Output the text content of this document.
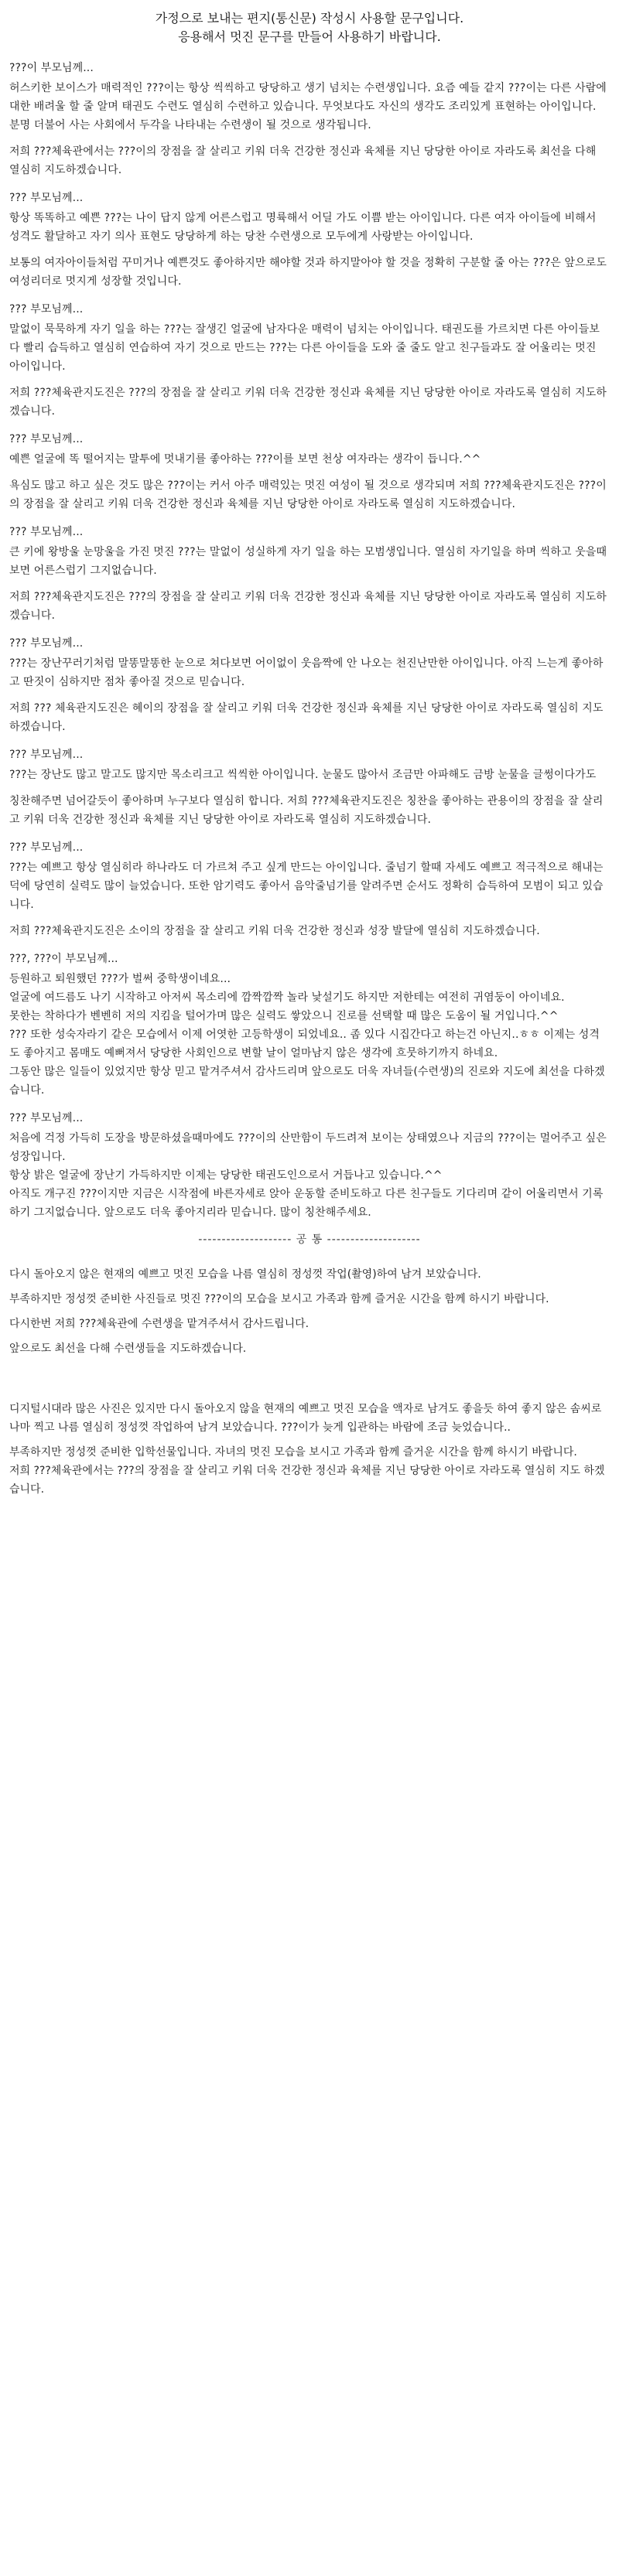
가정으로 보내는 편지(통신문) 작성시 사용할 문구입니다.

응용해서 멋진 문구를 만들어 사용하기 바랍니다.

???이 부모님께...

허스키한 보이스가 매력적인 ???이는 항상 씩씩하고 당당하고 생기 넘치는 수련생입니다. 요즘 예들 같지 ???이는 다른 사람에 대한 배려울 할 줄 알며 태권도 수련도 열심히 수련하고 있습니다. 무엇보다도 자신의 생각도 조리있게 표현하는 아이입니다. 분명 더불어 사는 사회에서 두각을 나타내는 수련생이 될 것으로 생각됩니다.

저희 ???체육관에서는 ???이의 장점을 잘 살리고 키워 더욱 건강한 정신과 육체를 지닌 당당한 아이로 자라도록 최선을 다해 열심히 지도하겠습니다.

??? 부모님께...

항상 똑똑하고 예쁜 ???는 나이 답지 않게 어른스럽고 명륙해서 어딜 가도 이쁨 받는 아이입니다. 다른 여자 아이들에 비해서 성격도 활달하고 자기 의사 표현도 당당하게 하는 당찬 수련생으로 모두에게 사랑받는 아이입니다.

보통의 여자아이들처럼 꾸미거나 예쁜것도 좋아하지만 해야할 것과 하지말아야 할 것을 정확히 구분할 줄 아는 ???은 앞으로도 여성리더로 멋지게 성장할 것입니다.

??? 부모님께...

말없이 묵묵하게 자기 일을 하는 ???는 잘생긴 얼굴에 남자다운 매력이 넘치는 아이입니다. 태권도를 가르치면 다른 아이들보다 빨리 습득하고 열심히 연습하여 자기 것으로 만드는 ???는 다른 아이들을 도와 줄 줄도 알고 친구들과도 잘 어울리는 멋진 아이입니다.

저희 ???체육관지도진은 ???의 장점을 잘 살리고 키워 더욱 건강한 정신과 육체를 지닌 당당한 아이로 자라도록 열심히 지도하겠습니다.

??? 부모님께...

예쁜 얼굴에 똑 떨어지는 말투에 멋내기를 좋아하는 ???이를 보면 천상 여자라는 생각이 듭니다.^^

욕심도 많고 하고 싶은 것도 많은 ???이는 커서 아주 매력있는 멋진 여성이 될 것으로 생각되며 저희 ???체육관지도진은 ???이의 장점을 잘 살리고 키워 더욱 건강한 정신과 육체를 지닌 당당한 아이로 자라도록 열심히 지도하겠습니다.

??? 부모님께...

큰 키에 왕방울 눈망울을 가진 멋진 ???는 말없이 성실하게 자기 일을 하는 모범생입니다. 열심히 자기일을 하며 씩하고 웃을때 보면 어른스럽기 그지없습니다.

저희 ???체육관지도진은 ???의 장점을 잘 살리고 키워 더욱 건강한 정신과 육체를 지닌 당당한 아이로 자라도록 열심히 지도하겠습니다.

??? 부모님께...

???는 장난꾸러기처럼 말똥말똥한 눈으로 쳐다보면 어이없이 웃음짝에 안 나오는 천진난만한 아이입니다. 아직 느는게 좋아하고 딴짓이 심하지만 점차 좋아질 것으로 믿습니다.

저희 ??? 체육관지도진은 혜이의 장점을 잘 살리고 키워 더욱 건강한 정신과 육체를 지닌 당당한 아이로 자라도록 열심히 지도하겠습니다.

??? 부모님께...

???는 장난도 많고 말고도 많지만 목소리크고 씩씩한 아이입니다. 눈물도 많아서 조금만 아파해도 금방 눈물을 글썽이다가도

칭찬해주면 넘어갈듯이 좋아하며 누구보다 열심히 합니다. 저희 ???체육관지도진은 칭찬을 좋아하는 관용이의 장점을 잘 살리고 키워 더욱 건강한 정신과 육체를 지닌 당당한 아이로 자라도록 열심히 지도하겠습니다.

??? 부모님께...

???는 예쁘고 항상 열심히라 하나라도 더 가르쳐 주고 싶게 만드는 아이입니다. 줄넘기 할때 자세도 예쁘고 적극적으로 해내는 덕에 당연히 실력도 많이 늘었습니다. 또한 암기력도 좋아서 음악줄넘기를 알려주면 순서도 정확히 습득하여 모범이 되고 있습니다.

저희 ???체육관지도진은 소이의 장점을 잘 살리고 키워 더욱 건강한 정신과 성장 발달에 열심히 지도하겠습니다.

???, ???이 부모님께...

등원하고 퇴원했던 ???가 벌써 중학생이네요...
얼굴에 여드름도 나기 시작하고 아저씨 목소리에 깜짝깜짝 놀라 낯설기도 하지만 저한테는 여전히 귀염둥이 아이네요.
못한는 착하다가 벤벤히 저의 지킴을 털어가며 많은 실력도 쌓았으니 진로를 선택할 때 많은 도움이 될 거입니다.^^
??? 또한 성숙자라기 같은 모습에서 이제 어엿한 고등학생이 되었네요.. 좀 있다 시집간다고 하는건 아닌지..ㅎㅎ 이제는 성격도 좋아지고 몸매도 예뻐져서 당당한 사회인으로 변할 날이 얼마남지 않은 생각에 흐뭇하기까지 하네요.
그동안 많은 일들이 있었지만 항상 믿고 맡겨주셔서 감사드리며 앞으로도 더욱 자녀들(수련생)의 진로와 지도에 최선을 다하겠습니다.

??? 부모님께...

처음에 걱정 가득히 도장을 방문하셨을때마에도 ???이의 산만함이 두드려져 보이는 상태였으나 지금의 ???이는 멀어주고 싶은 성장입니다.
항상 밝은 얼굴에 장난기 가득하지만 이제는 당당한 태권도인으로서 거듭나고 있습니다.^^
아직도 개구진 ???이지만 지금은 시작점에 바른자세로 앉아 운동할 준비도하고 다른 친구들도 기다리며 같이 어울리면서 기록하기 그지없습니다. 앞으로도 더욱 좋아지리라 믿습니다. 많이 칭찬해주세요.

-------------------- 공 통 --------------------

다시 돌아오지 않은 현재의 예쁘고 멋진 모습을 나름 열심히 정성껏 작업(촬영)하여 남겨 보았습니다.

부족하지만 정성껏 준비한 사진들로 멋진 ???이의 모습을 보시고 가족과 함께 즐거운 시간을 함께 하시기 바랍니다.

다시한번 저희 ???체육관에 수련생을 맡겨주셔서 감사드립니다.

앞으로도 최선을 다해 수련생들을 지도하겠습니다.

디지털시대라 많은 사진은 있지만 다시 돌아오지 않을 현재의 예쁘고 멋진 모습을 액자로 남겨도 좋을듯 하여 좋지 않은 솜씨로나마 찍고 나름 열심히 정성껏 작업하여 남겨 보았습니다. ???이가 늦게 입관하는 바람에 조금 늦었습니다..

부족하지만 정성껏 준비한 입학선물입니다. 자녀의 멋진 모습을 보시고 가족과 함께 즐거운 시간을 함께 하시기 바랍니다.
저희 ???체육관에서는 ???의 장점을 잘 살리고 키워 더욱 건강한 정신과 육체를 지닌 당당한 아이로 자라도록 열심히 지도 하겠습니다.
